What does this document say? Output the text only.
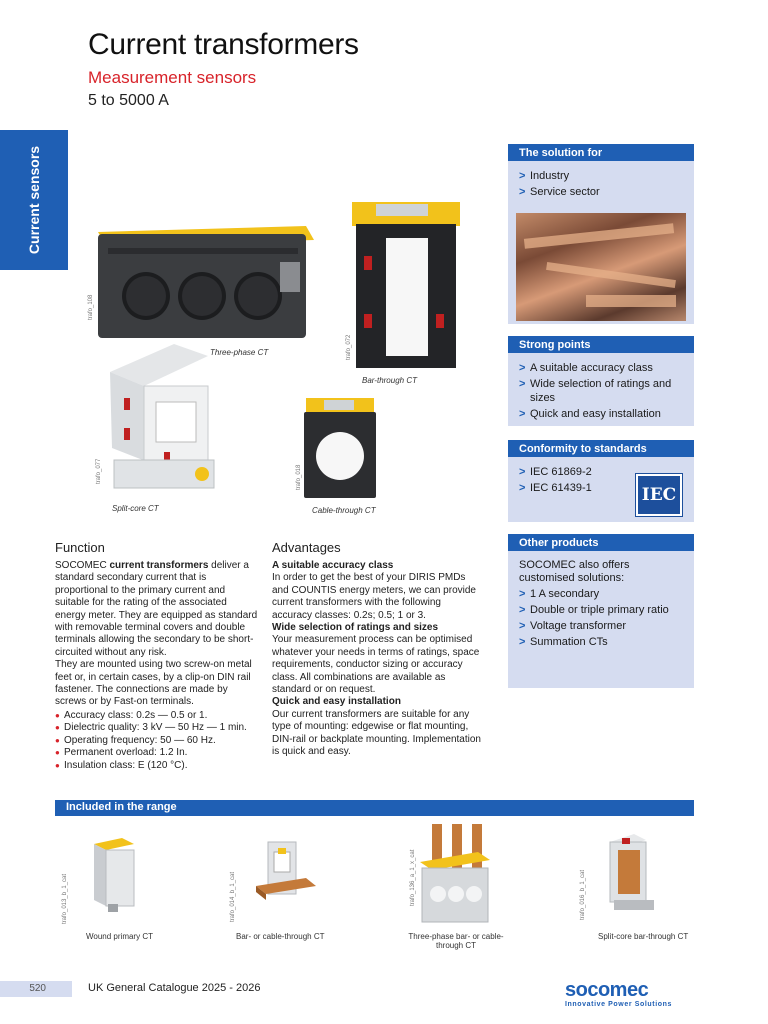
Current sensors
Current transformers
Measurement sensors
5 to 5000 A
trafo_108
Three-phase CT	trafo_072
Bar-through CT
trafo_077
Split-core CT
trafo_018
Cable-through CT
The solution for
> Industry
> Service sector
Strong points
> A suitable accuracy class
> Wide selection of ratings and sizes
> Quick and easy installation
Conformity to standards
> IEC 61869-2
> IEC 61439-1	IEC
Other products

SOCOMEC also offers customised solutions:

> 1 A secondary
> Double or triple primary ratio
> Voltage transformer
> Summation CTs
Function

SOCOMEC current transformers deliver a standard secondary current that is proportional to the primary current and suitable for the rating of the associated energy meter. They are equipped as standard with removable terminal covers and double terminals allowing the secondary to be short-circuited without any risk.

They are mounted using two screw-on metal feet or, in certain cases, by a clip-on DIN rail fastener. The connections are made by screws or by Fast-on terminals.

● Accuracy class: 0.2s — 0.5 or 1.
● Dielectric quality: 3 kV — 50 Hz — 1 min.
● Operating frequency: 50 — 60 Hz.
● Permanent overload: 1.2 In.
● Insulation class: E (120 °C).
Advantages

A suitable accuracy class

In order to get the best of your DIRIS PMDs and COUNTIS energy meters, we can provide current transformers with the following accuracy classes: 0.2s; 0.5; 1 or 3.

Wide selection of ratings and sizes

Your measurement process can be optimised whatever your needs in terms of ratings, space requirements, conductor sizing or accuracy class. All combinations are available as standard or on request.

Quick and easy installation

Our current transformers are suitable for any type of mounting: edgewise or flat mounting, DIN-rail or backplate mounting. Implementation is quick and easy.

Included in the range
trafo_013_b_1_cat
Wound primary CT
trafo_014_b_1_cat
Bar- or cable-through CT
trafo_136_a_1_x_cat
Three-phase bar- or cable-through CT
trafo_016_b_1_cat
Split-core bar-through CT
520	UK General Catalogue 2025 - 2026	socomec
Innovative Power Solutions
